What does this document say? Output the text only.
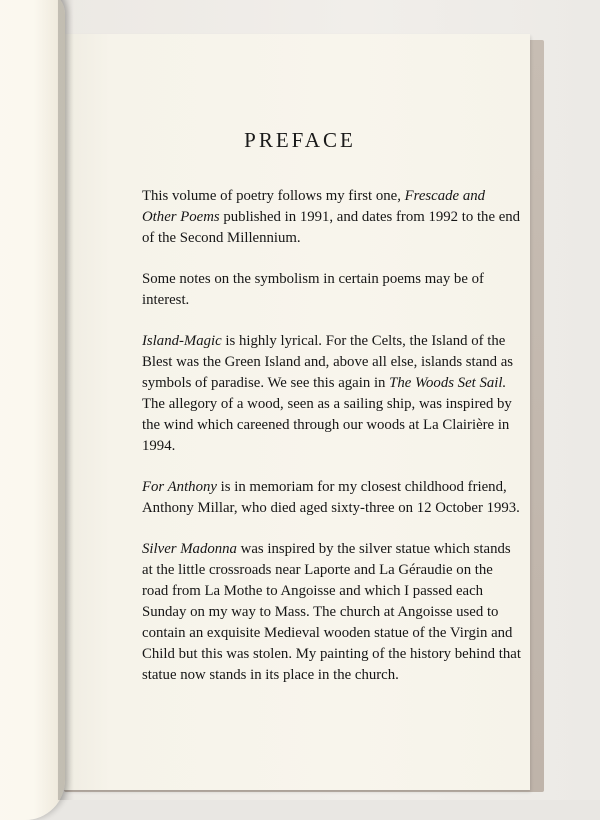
PREFACE

This volume of poetry follows my first one, Frescade and Other Poems published in 1991, and dates from 1992 to the end of the Second Millennium.

Some notes on the symbolism in certain poems may be of interest.

Island-Magic is highly lyrical. For the Celts, the Island of the Blest was the Green Island and, above all else, islands stand as symbols of paradise. We see this again in The Woods Set Sail. The allegory of a wood, seen as a sailing ship, was inspired by the wind which careened through our woods at La Clairière in 1994.

For Anthony is in memoriam for my closest childhood friend, Anthony Millar, who died aged sixty-three on 12 October 1993.

Silver Madonna was inspired by the silver statue which stands at the little crossroads near Laporte and La Géraudie on the road from La Mothe to Angoisse and which I passed each Sunday on my way to Mass. The church at Angoisse used to contain an exquisite Medieval wooden statue of the Virgin and Child but this was stolen. My painting of the history behind that statue now stands in its place in the church.
